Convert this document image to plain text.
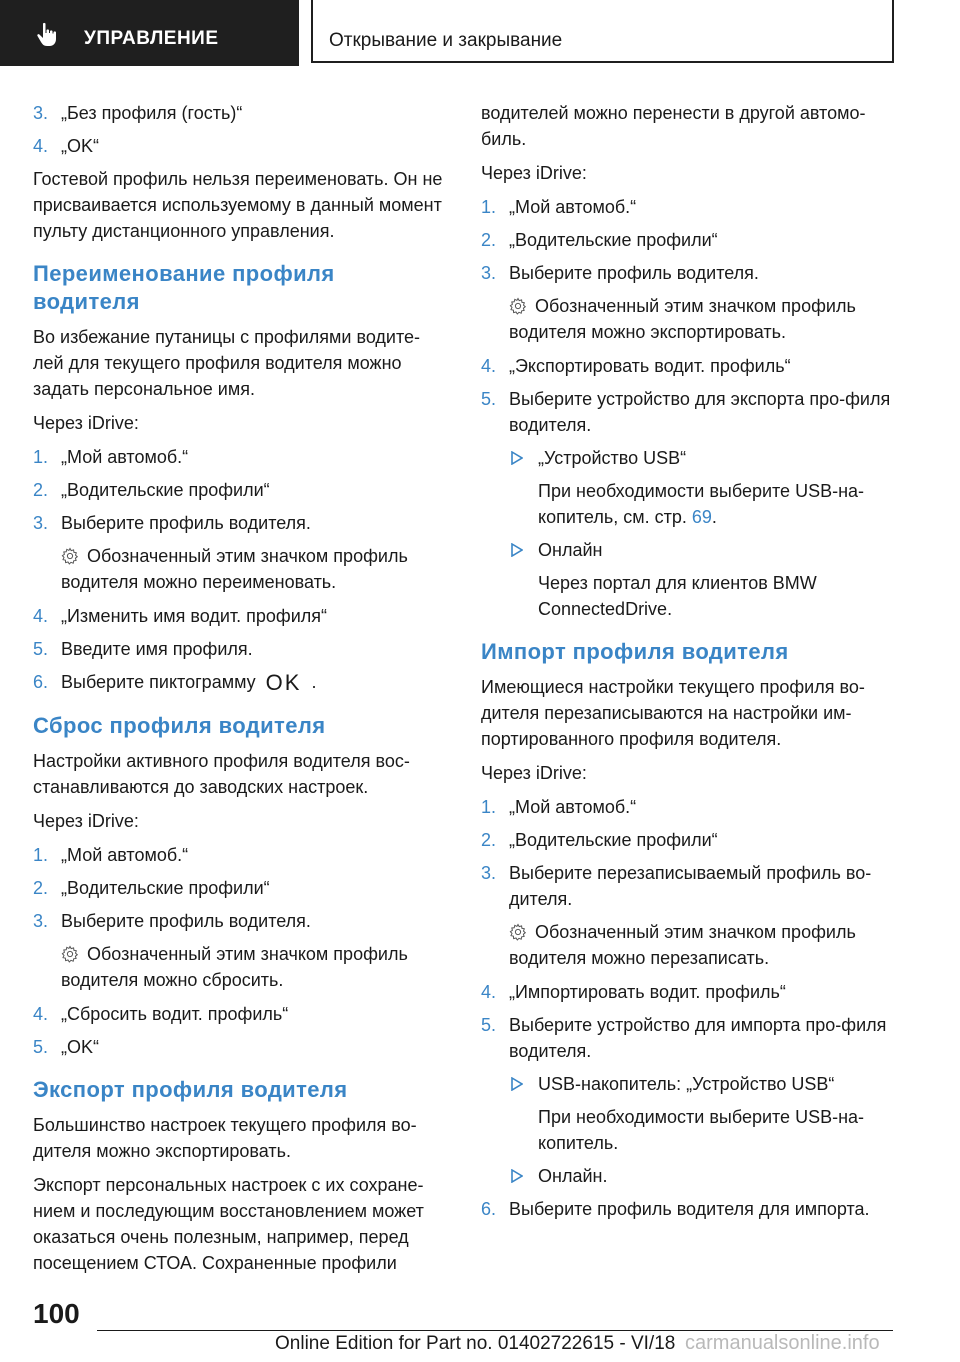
УПРАВЛЕНИЕ	Открывание и закрывание
3. „Без профиля (гость)“
4. „OK“

Гостевой профиль нельзя переименовать. Он не присваивается используемому в данный момент пульту дистанционного управления.

Переименование профиля водителя

Во избежание путаницы с профилями водите-лей для текущего профиля водителя можно задать персональное имя.

Через iDrive:

1. „Мой автомоб.“
2. „Водительские профили“
3. Выберите профиль водителя.

Обозначенный этим значком профиль водителя можно переименовать.

4. „Изменить имя водит. профиля“
5. Введите имя профиля.
6. Выберите пиктограмму OK .
Сброс профиля водителя

Настройки активного профиля водителя вос-станавливаются до заводских настроек.

Через iDrive:

1. „Мой автомоб.“
2. „Водительские профили“
3. Выберите профиль водителя.

Обозначенный этим значком профиль водителя можно сбросить.

4. „Сбросить водит. профиль“
5. „OK“
Экспорт профиля водителя

Большинство настроек текущего профиля во-дителя можно экспортировать.

Экспорт персональных настроек с их сохране-нием и последующим восстановлением может оказаться очень полезным, например, перед посещением СТОА. Сохраненные профили

водителей можно перенести в другой автомо-биль.

Через iDrive:

1. „Мой автомоб.“
2. „Водительские профили“
3. Выберите профиль водителя.

Обозначенный этим значком профиль водителя можно экспортировать.

4. „Экспортировать водит. профиль“
5. Выберите устройство для экспорта про-филя водителя.
„Устройство USB“

При необходимости выберите USB-на-копитель, см. стр. 69.

Онлайн

Через портал для клиентов BMW ConnectedDrive.

Импорт профиля водителя

Имеющиеся настройки текущего профиля во-дителя перезаписываются на настройки им-портированного профиля водителя.

Через iDrive:

1. „Мой автомоб.“
2. „Водительские профили“
3. Выберите перезаписываемый профиль во-дителя.

Обозначенный этим значком профиль водителя можно перезаписать.

4. „Импортировать водит. профиль“
5. Выберите устройство для импорта про-филя водителя.
USB-накопитель: „Устройство USB“

При необходимости выберите USB-на-копитель.

Онлайн.
6. Выберите профиль водителя для импорта.
100
Online Edition for Part no. 01402722615 - VI/18 carmanualsonline.info
